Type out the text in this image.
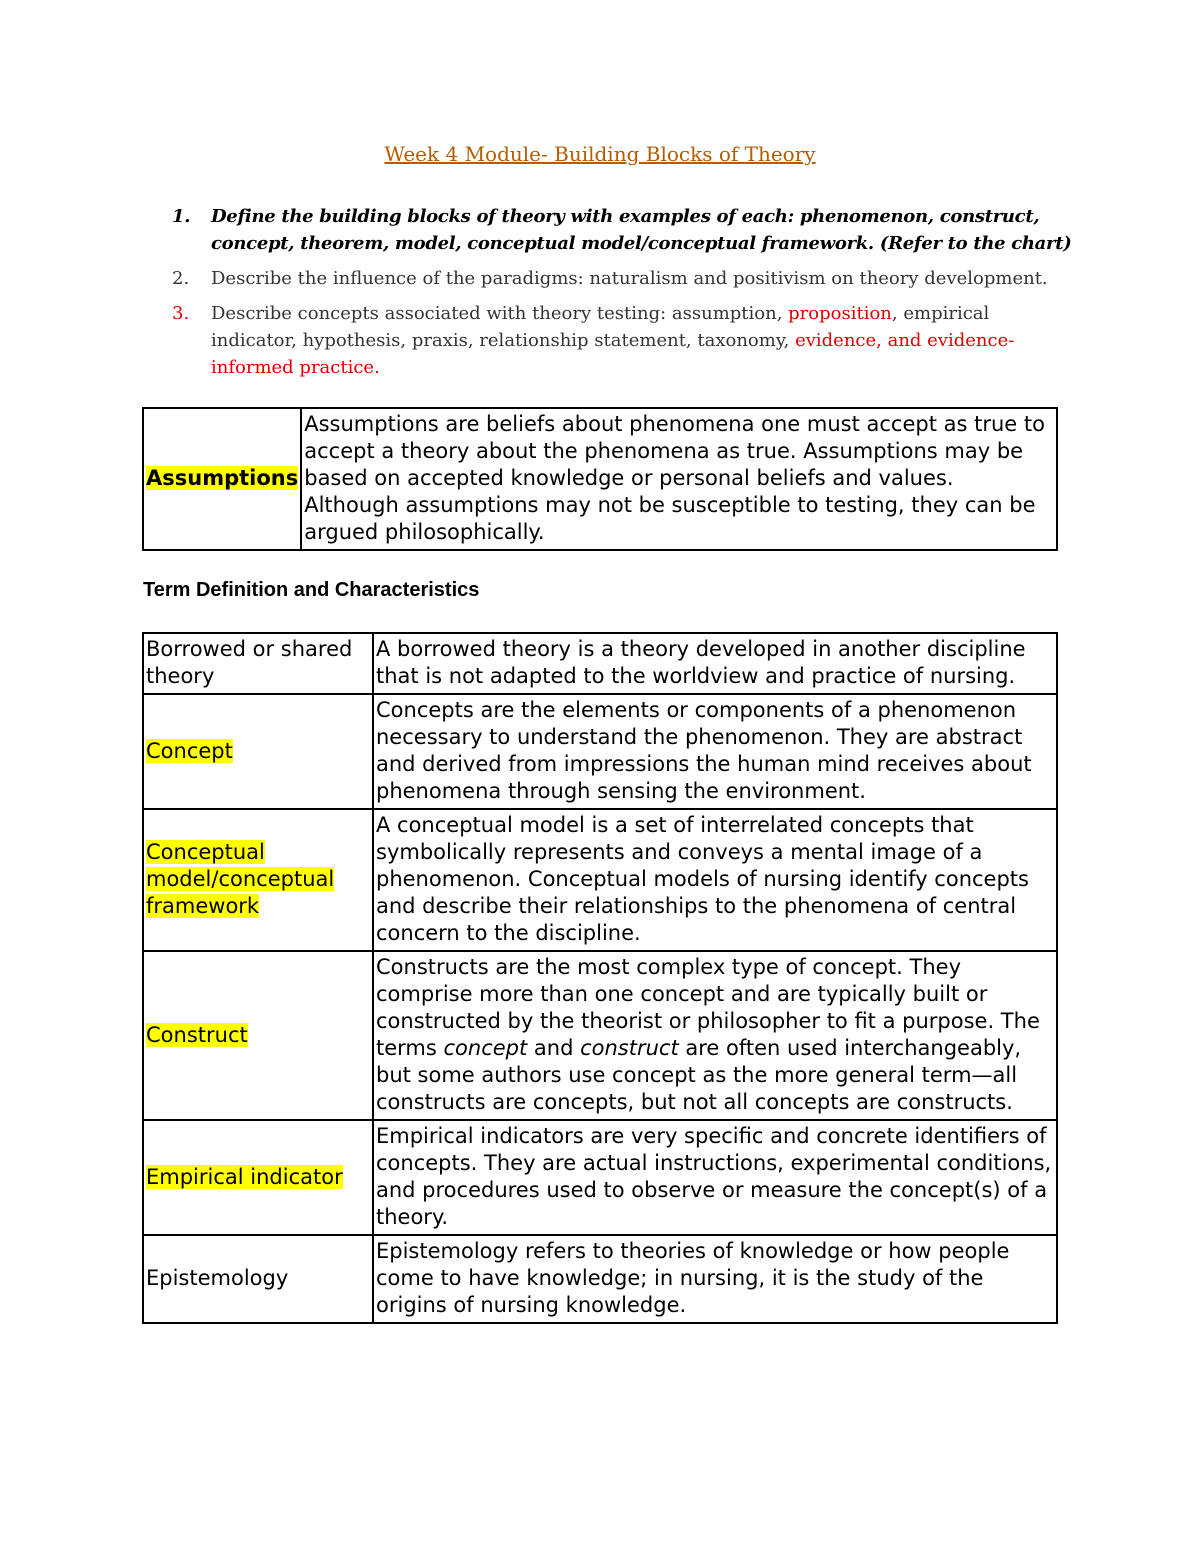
Week 4 Module- Building Blocks of Theory
1. Define the building blocks of theory with examples of each: phenomenon, construct, concept, theorem, model, conceptual model/conceptual framework. (Refer to the chart)
2. Describe the influence of the paradigms: naturalism and positivism on theory development.
3. Describe concepts associated with theory testing: assumption, proposition, empirical indicator, hypothesis, praxis, relationship statement, taxonomy, evidence, and evidence-informed practice.
Assumptions	Assumptions are beliefs about phenomena one must accept as true to accept a theory about the phenomena as true. Assumptions may be based on accepted knowledge or personal beliefs and values. Although assumptions may not be susceptible to testing, they can be argued philosophically.
Term Definition and Characteristics
Borrowed or shared theory	A borrowed theory is a theory developed in another discipline that is not adapted to the worldview and practice of nursing.
Concept	Concepts are the elements or components of a phenomenon necessary to understand the phenomenon. They are abstract and derived from impressions the human mind receives about phenomena through sensing the environment.
Conceptual model/conceptual framework	A conceptual model is a set of interrelated concepts that symbolically represents and conveys a mental image of a phenomenon. Conceptual models of nursing identify concepts and describe their relationships to the phenomena of central concern to the discipline.
Construct	Constructs are the most complex type of concept. They comprise more than one concept and are typically built or constructed by the theorist or philosopher to fit a purpose. The terms concept and construct are often used interchangeably, but some authors use concept as the more general term—all constructs are concepts, but not all concepts are constructs.
Empirical indicator	Empirical indicators are very specific and concrete identifiers of concepts. They are actual instructions, experimental conditions, and procedures used to observe or measure the concept(s) of a theory.
Epistemology	Epistemology refers to theories of knowledge or how people come to have knowledge; in nursing, it is the study of the origins of nursing knowledge.
